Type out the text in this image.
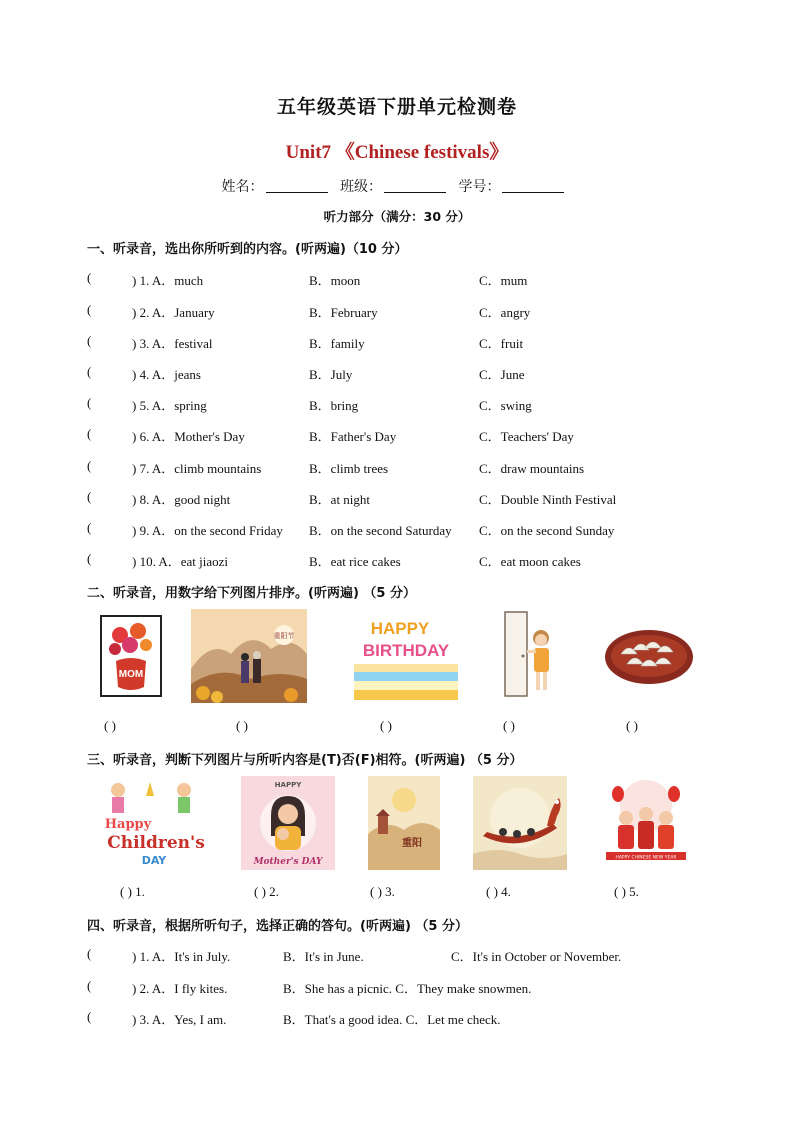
五年级英语下册单元检测卷
Unit7 《Chinese festivals》
姓名：	班级：	学号：
听力部分（满分：30 分）
一、听录音，选出你所听到的内容。(听两遍)（10 分）
(	) 1. A．much	B．moon	C．mum
(	) 2. A．January	B．February	C．angry
(	) 3. A．festival	B．family	C．fruit
(	) 4. A．jeans	B．July	C．June
(	) 5. A．spring	B．bring	C．swing
(	) 6. A．Mother's Day	B．Father's Day	C．Teachers' Day
(	) 7. A．climb mountains	B．climb trees	C．draw mountains
(	) 8. A．good night	B．at night	C．Double Ninth Festival
(	) 9. A．on the second Friday B．on the second Saturday C．on the second Sunday
(	) 10. A．eat jiaozi	B．eat rice cakes	C．eat moon cakes
二、听录音，用数字给下列图片排序。(听两遍) （5 分）
MOM
重阳节	HAPPY
BIRTHDAY
( )	( )	( )	( )	( )
三、听录音，判断下列图片与所听内容是(T)否(F)相符。(听两遍) （5 分）
Happy
Children's
DAY
HAPPY
Mother's DAY
重阳
HAPPY CHINESE NEW YEAR
( ) 1.	( ) 2.	( ) 3.	( ) 4.	( ) 5.
四、听录音，根据所听句子，选择正确的答句。(听两遍) （5 分）
(	) 1. A．It's in July.	B．It's in June.	C．It's in October or November.
(	) 2. A．I fly kites.	B．She has a picnic. C．They make snowmen.
(	) 3. A．Yes, I am.	B．That's a good idea. C．Let me check.
